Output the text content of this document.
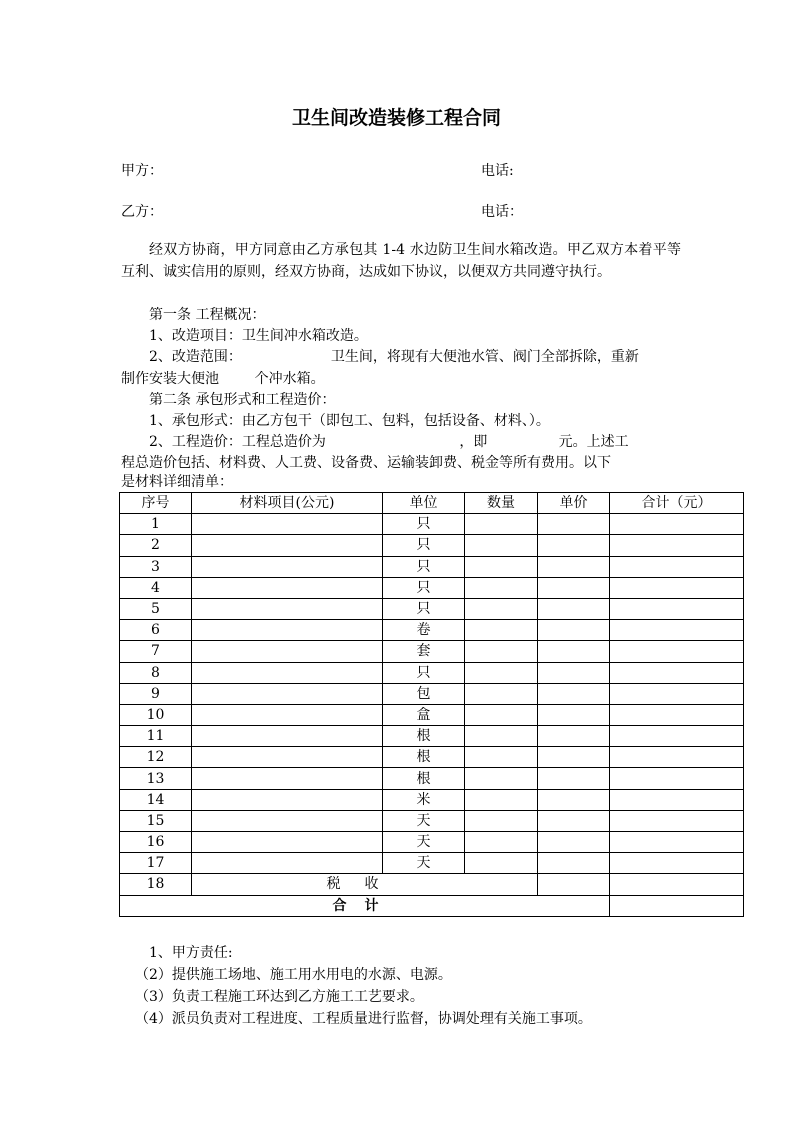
卫生间改造装修工程合同
甲方：	电话:
乙方：	电话：
经双方协商，甲方同意由乙方承包其 1-4 水边防卫生间水箱改造。甲乙双方本着平等互利、诚实信用的原则，经双方协商，达成如下协议，以便双方共同遵守执行。
第一条 工程概况：
1、改造项目：卫生间冲水箱改造。
2、改造范围：                    卫生间，将现有大便池水管、阀门全部拆除，重新
制作安装大便池        个冲水箱。
第二条 承包形式和工程造价：
1、承包形式：由乙方包干（即包工、包料，包括设备、材料、）。
2、工程造价：工程总造价为                              ，即                元。上述工
程总造价包括、材料费、人工费、设备费、运输装卸费、税金等所有费用。以下
是材料详细清单：
序号	材料项目(公元)	单位	数量	单价	合计（元）
1		只			
2		只			
3		只			
4		只			
5		只			
6		卷			
7		套			
8		只			
9		包			
10		盒			
11		根			
12		根			
13		根			
14		米			
15		天			
16		天			
17		天			
18	税收				
合计					
1、甲方责任:
（2）提供施工场地、施工用水用电的水源、电源。
（3）负责工程施工环达到乙方施工工艺要求。
（4）派员负责对工程进度、工程质量进行监督，协调处理有关施工事项。
